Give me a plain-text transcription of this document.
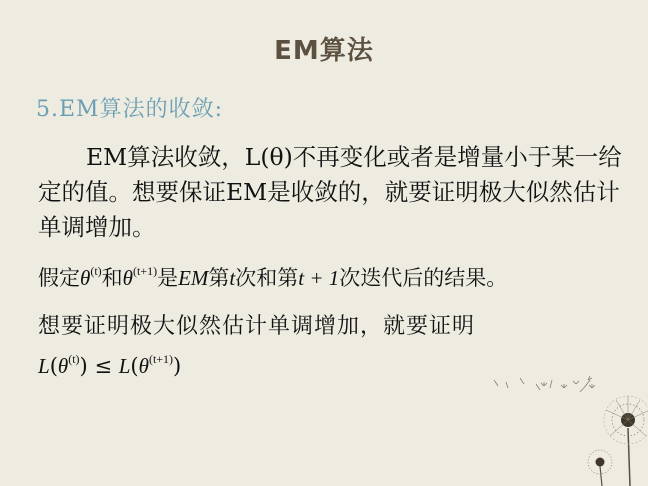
EM算法
5.EM算法的收敛:
EM算法收敛，L(θ)不再变化或者是增量小于某一给定的值。想要保证EM是收敛的，就要证明极大似然估计单调增加。
假定$\theta^{(t)}$和$\theta^{(t+1)}$是EM第t次和第t + 1次迭代后的结果。
想要证明极大似然估计单调增加，就要证明
$L(\theta^{(t)}) \le L(\theta^{(t+1)})$
